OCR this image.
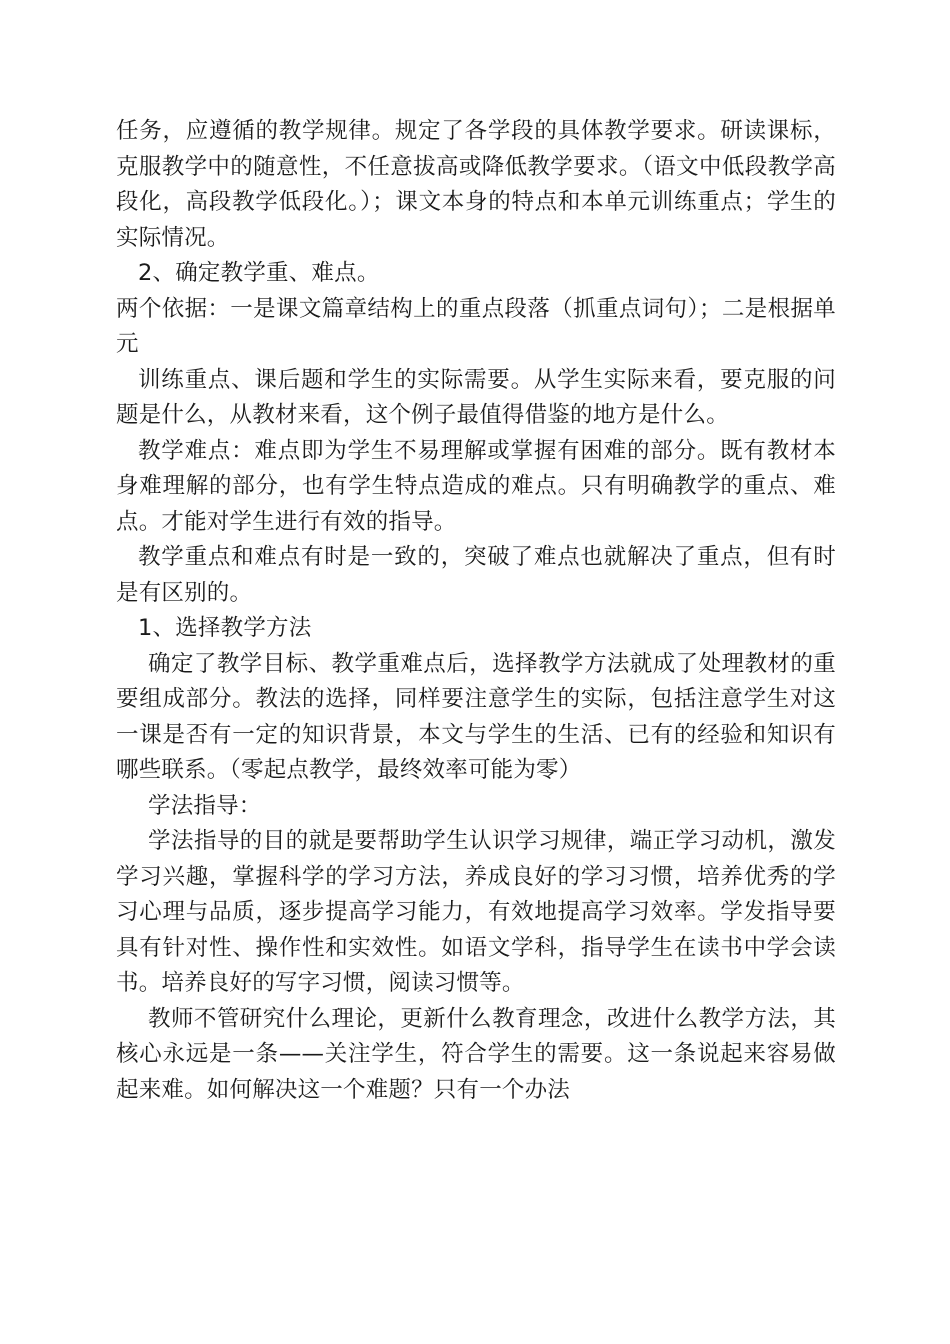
任务，应遵循的教学规律。规定了各学段的具体教学要求。研读课标，克服教学中的随意性，不任意拔高或降低教学要求。（语文中低段教学高段化，高段教学低段化。）；课文本身的特点和本单元训练重点；学生的实际情况。

2、确定教学重、难点。

两个依据：一是课文篇章结构上的重点段落（抓重点词句）；二是根据单元

训练重点、课后题和学生的实际需要。从学生实际来看，要克服的问题是什么，从教材来看，这个例子最值得借鉴的地方是什么。

教学难点：难点即为学生不易理解或掌握有困难的部分。既有教材本身难理解的部分，也有学生特点造成的难点。只有明确教学的重点、难点。才能对学生进行有效的指导。

教学重点和难点有时是一致的，突破了难点也就解决了重点，但有时是有区别的。

1、选择教学方法

确定了教学目标、教学重难点后，选择教学方法就成了处理教材的重要组成部分。教法的选择，同样要注意学生的实际，包括注意学生对这一课是否有一定的知识背景，本文与学生的生活、已有的经验和知识有哪些联系。（零起点教学，最终效率可能为零）

学法指导：

学法指导的目的就是要帮助学生认识学习规律，端正学习动机，激发学习兴趣，掌握科学的学习方法，养成良好的学习习惯，培养优秀的学习心理与品质，逐步提高学习能力，有效地提高学习效率。学发指导要具有针对性、操作性和实效性。如语文学科，指导学生在读书中学会读书。培养良好的写字习惯，阅读习惯等。

教师不管研究什么理论，更新什么教育理念，改进什么教学方法，其核心永远是一条——关注学生，符合学生的需要。这一条说起来容易做起来难。如何解决这一个难题？只有一个办法
